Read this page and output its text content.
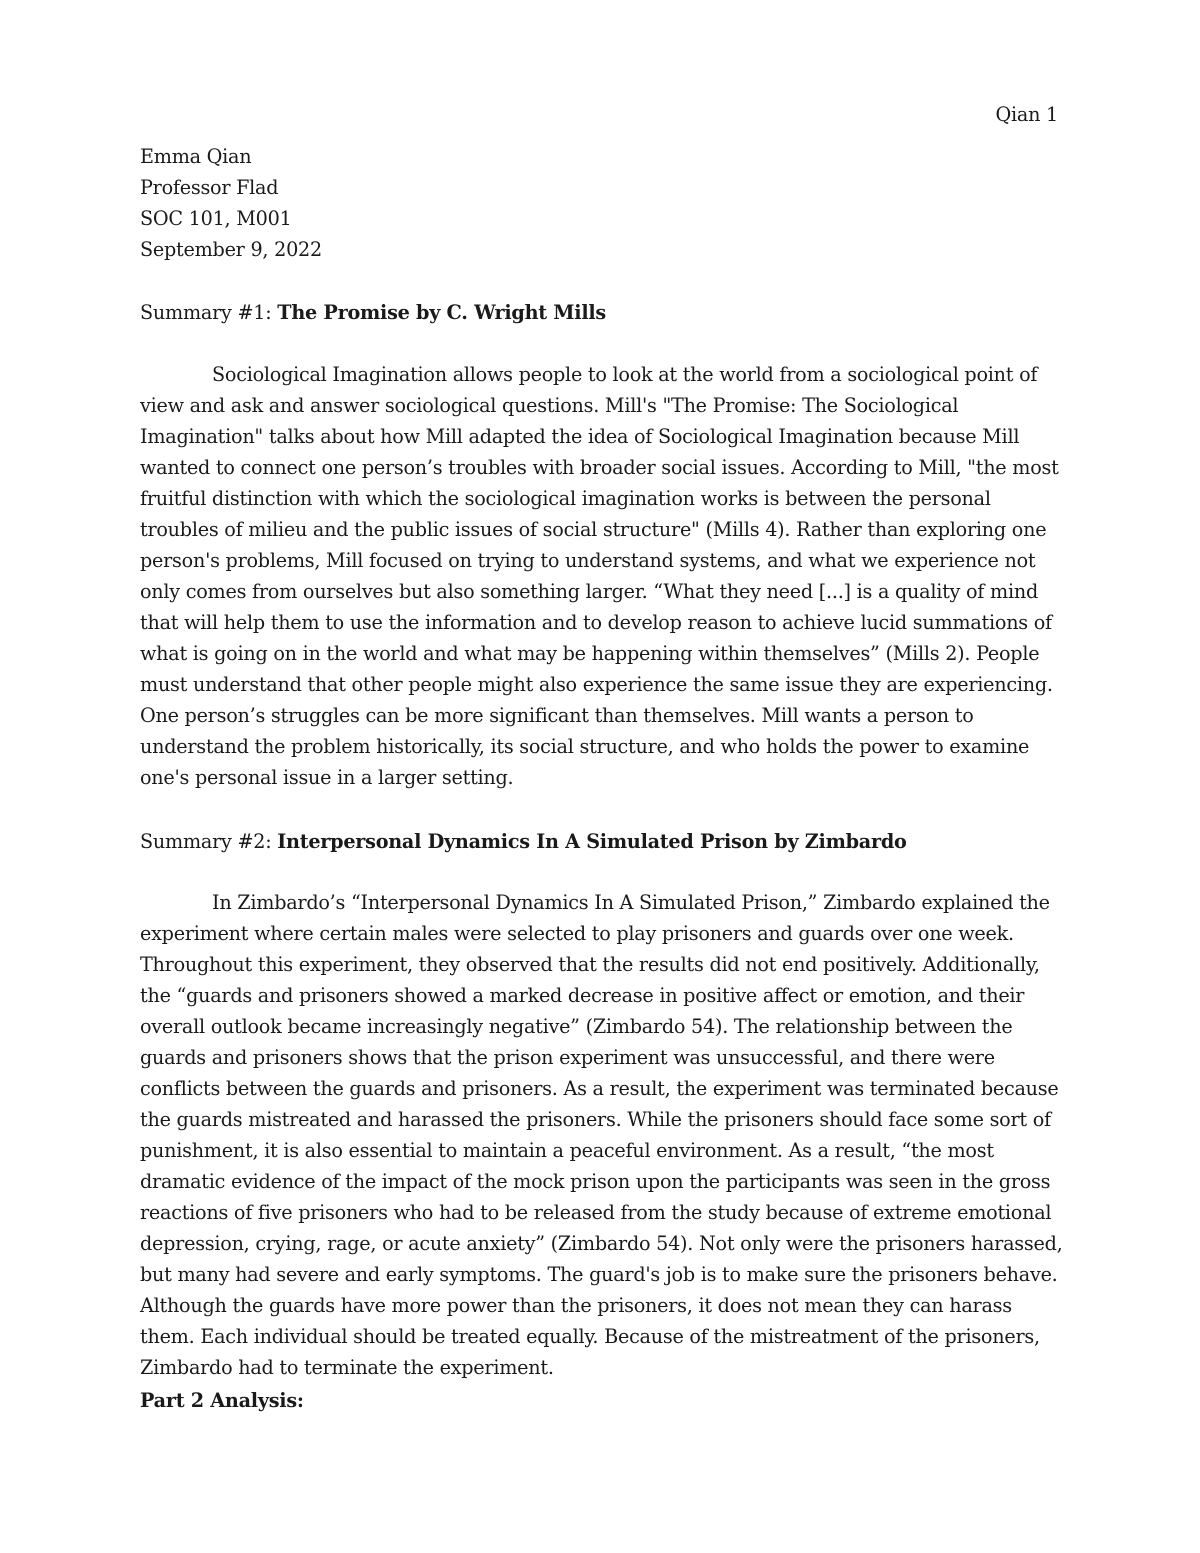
Qian 1
Emma Qian
Professor Flad
SOC 101, M001
September 9, 2022
Summary #1: The Promise by C. Wright Mills

Sociological Imagination allows people to look at the world from a sociological point of view and ask and answer sociological questions. Mill's "The Promise: The Sociological Imagination" talks about how Mill adapted the idea of Sociological Imagination because Mill wanted to connect one person’s troubles with broader social issues. According to Mill, "the most fruitful distinction with which the sociological imagination works is between the personal troubles of milieu and the public issues of social structure" (Mills 4). Rather than exploring one person's problems, Mill focused on trying to understand systems, and what we experience not only comes from ourselves but also something larger. “What they need [...] is a quality of mind that will help them to use the information and to develop reason to achieve lucid summations of what is going on in the world and what may be happening within themselves” (Mills 2). People must understand that other people might also experience the same issue they are experiencing. One person’s struggles can be more significant than themselves. Mill wants a person to understand the problem historically, its social structure, and who holds the power to examine one's personal issue in a larger setting.

Summary #2: Interpersonal Dynamics In A Simulated Prison by Zimbardo

In Zimbardo’s “Interpersonal Dynamics In A Simulated Prison,” Zimbardo explained the experiment where certain males were selected to play prisoners and guards over one week. Throughout this experiment, they observed that the results did not end positively. Additionally, the “guards and prisoners showed a marked decrease in positive affect or emotion, and their overall outlook became increasingly negative” (Zimbardo 54). The relationship between the guards and prisoners shows that the prison experiment was unsuccessful, and there were conflicts between the guards and prisoners. As a result, the experiment was terminated because the guards mistreated and harassed the prisoners. While the prisoners should face some sort of punishment, it is also essential to maintain a peaceful environment. As a result, “the most dramatic evidence of the impact of the mock prison upon the participants was seen in the gross reactions of five prisoners who had to be released from the study because of extreme emotional depression, crying, rage, or acute anxiety” (Zimbardo 54). Not only were the prisoners harassed, but many had severe and early symptoms. The guard's job is to make sure the prisoners behave. Although the guards have more power than the prisoners, it does not mean they can harass them. Each individual should be treated equally. Because of the mistreatment of the prisoners, Zimbardo had to terminate the experiment.

Part 2 Analysis:
